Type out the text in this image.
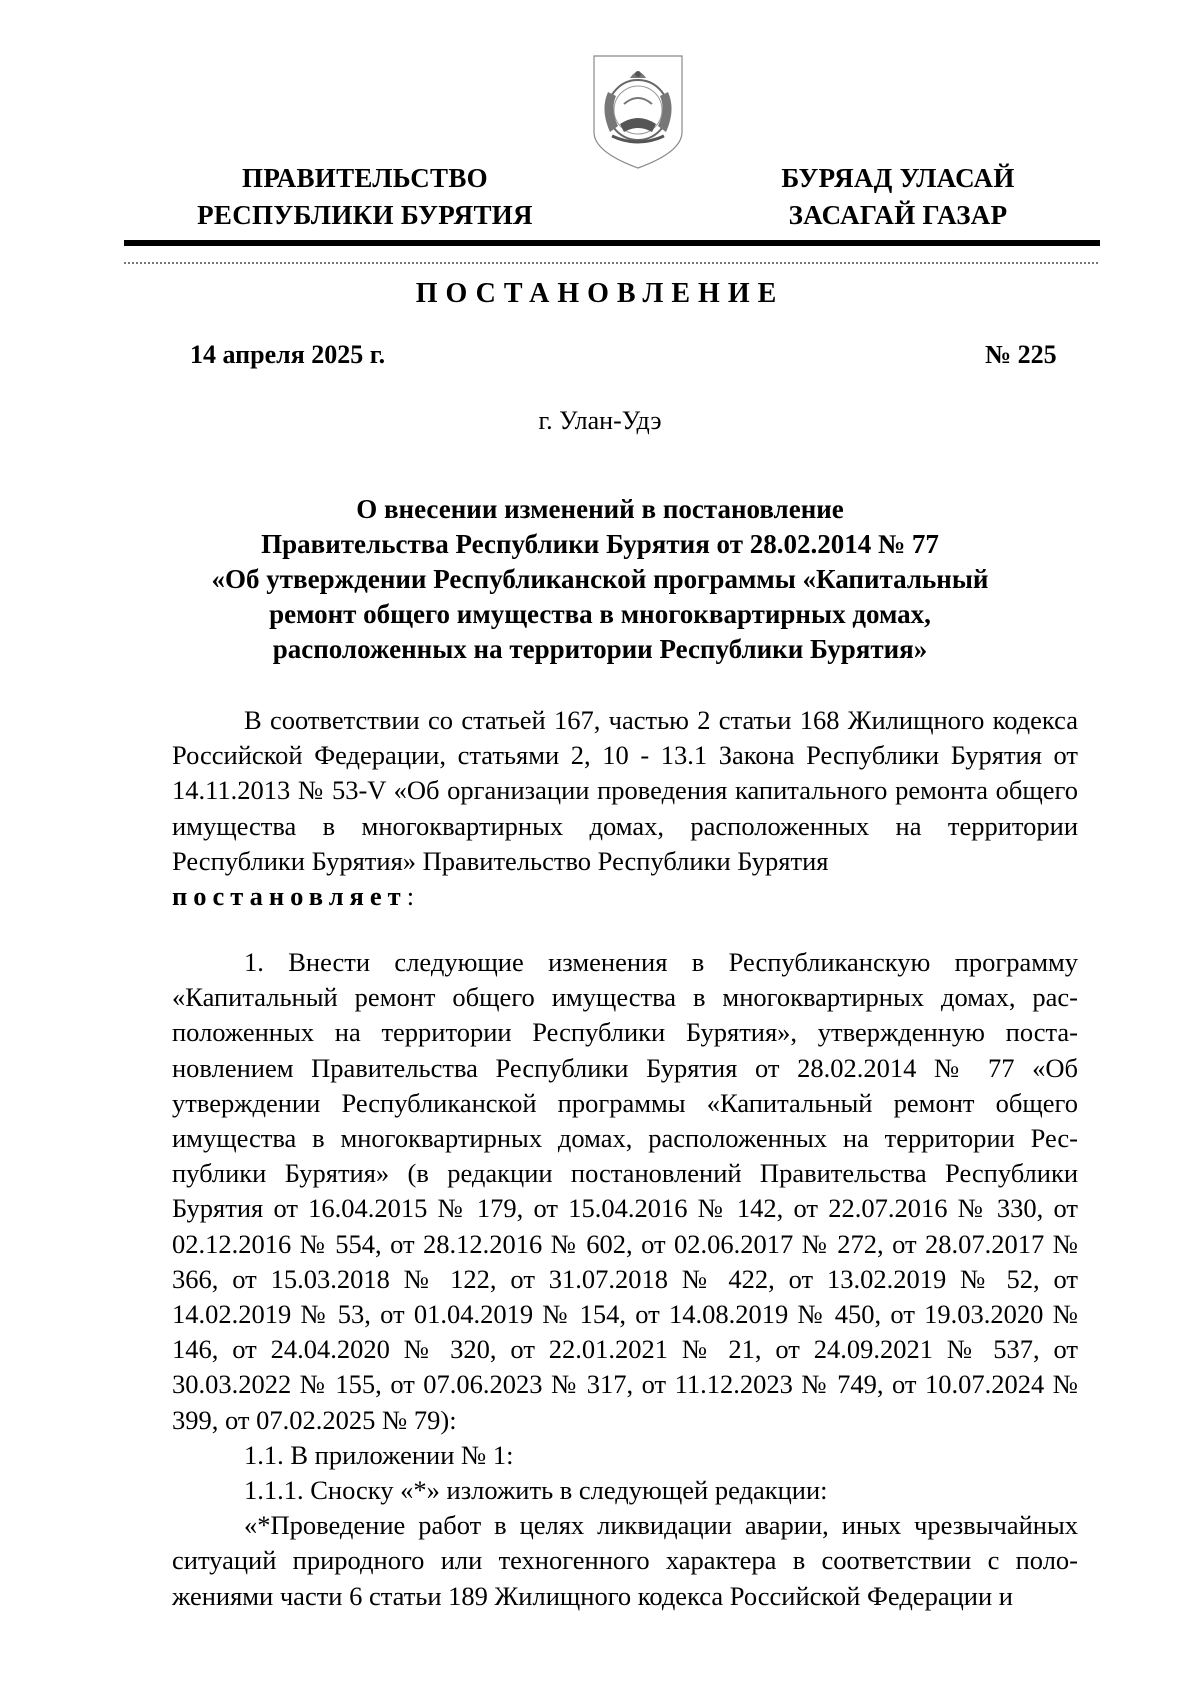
ПРАВИТЕЛЬСТВО
РЕСПУБЛИКИ БУРЯТИЯ
БУРЯАД УЛАСАЙ
ЗАСАГАЙ ГАЗАР
ПОСТАНОВЛЕНИЕ
14 апреля 2025 г.	№ 225
г. Улан-Удэ
О внесении изменений в постановление
Правительства Республики Бурятия от 28.02.2014 № 77
«Об утверждении Республиканской программы «Капитальный
ремонт общего имущества в многоквартирных домах,
расположенных на территории Республики Бурятия»

В соответствии со статьей 167, частью 2 статьи 168 Жилищного кодекса Российской Федерации, статьями 2, 10 - 13.1 Закона Республики Бурятия от 14.11.2013 № 53-V «Об организации проведения капитального ремонта общего имущества в многоквартирных домах, расположенных на территории Республики Бурятия» Правительство Республики Бурятия
постановляет:

1. Внести следующие изменения в Республиканскую программу «Капитальный ремонт общего имущества в многоквартирных домах, расположенных на территории Республики Бурятия», утвержденную постановлением Правительства Республики Бурятия от 28.02.2014 № 77 «Об утверждении Республиканской программы «Капитальный ремонт общего имущества в многоквартирных домах, расположенных на территории Республики Бурятия» (в редакции постановлений Правительства Республики Бурятия от 16.04.2015 № 179, от 15.04.2016 № 142, от 22.07.2016 № 330, от 02.12.2016 № 554, от 28.12.2016 № 602, от 02.06.2017 № 272, от 28.07.2017 № 366, от 15.03.2018 № 122, от 31.07.2018 № 422, от 13.02.2019 № 52, от 14.02.2019 № 53, от 01.04.2019 № 154, от 14.08.2019 № 450, от 19.03.2020 № 146, от 24.04.2020 № 320, от 22.01.2021 № 21, от 24.09.2021 № 537, от 30.03.2022 № 155, от 07.06.2023 № 317, от 11.12.2023 № 749, от 10.07.2024 № 399, от 07.02.2025 № 79):

1.1. В приложении № 1:

1.1.1. Сноску «*» изложить в следующей редакции:

«*Проведение работ в целях ликвидации аварии, иных чрезвычайных ситуаций природного или техногенного характера в соответствии с положениями части 6 статьи 189 Жилищного кодекса Российской Федерации и
